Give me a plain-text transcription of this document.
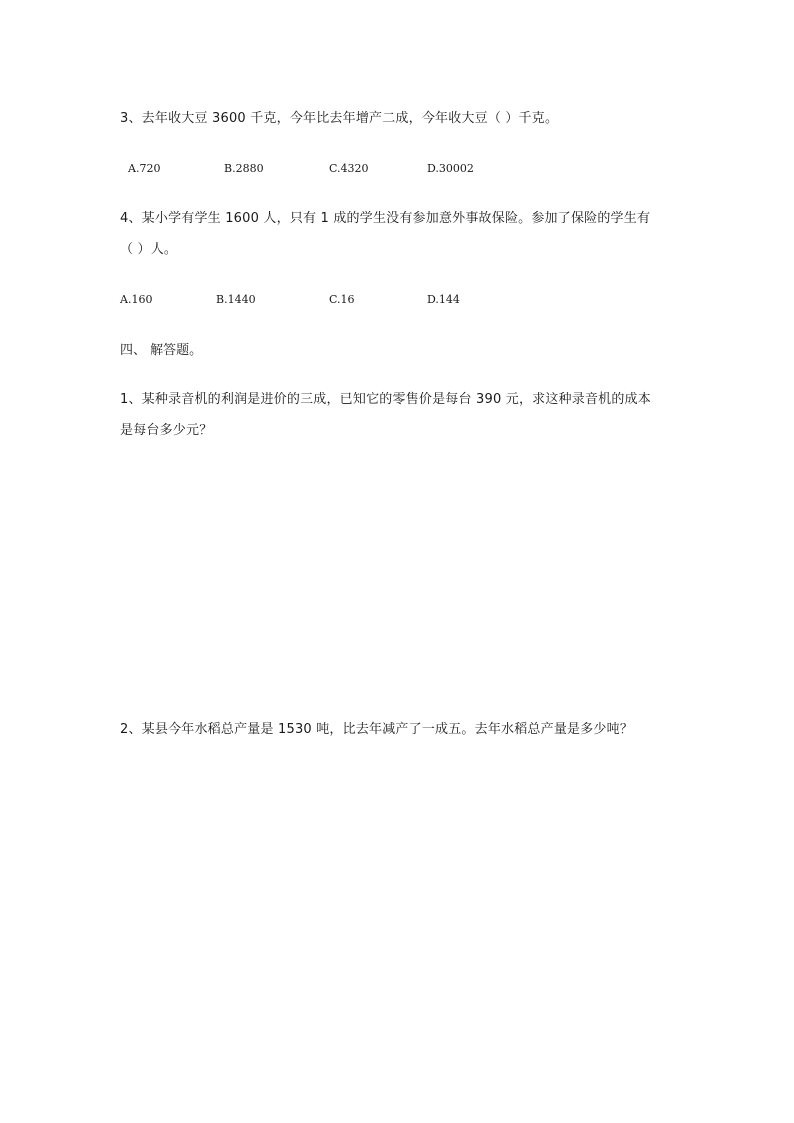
3、去年收大豆 3600 千克，今年比去年增产二成，今年收大豆（ ）千克。
A.720	B.2880	C.4320	D.30002
4、某小学有学生 1600 人，只有 1 成的学生没有参加意外事故保险。参加了保险的学生有
（ ）人。
A.160	B.1440	C.16	D.144
四、 解答题。
1、某种录音机的利润是进价的三成，已知它的零售价是每台 390 元，求这种录音机的成本
是每台多少元？
2、某县今年水稻总产量是 1530 吨，比去年减产了一成五。去年水稻总产量是多少吨？
